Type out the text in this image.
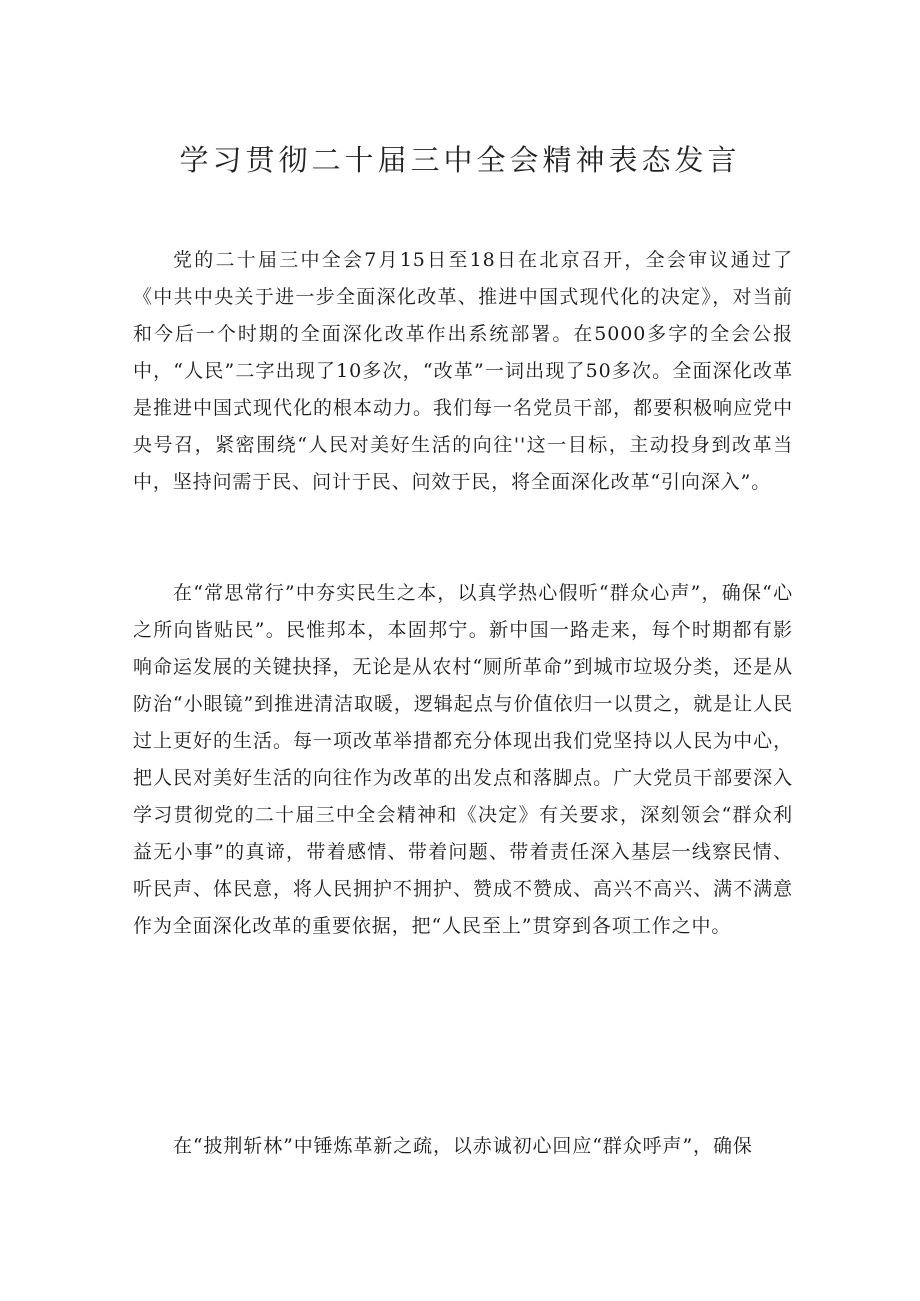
学习贯彻二十届三中全会精神表态发言

党的二十届三中全会7月15日至18日在北京召开，全会审议通过了《中共中央关于进一步全面深化改革、推进中国式现代化的决定》，对当前和今后一个时期的全面深化改革作出系统部署。在5000多字的全会公报中，“人民”二字出现了10多次，“改革”一词出现了50多次。全面深化改革是推进中国式现代化的根本动力。我们每一名党员干部，都要积极响应党中央号召，紧密围绕“人民对美好生活的向往''这一目标，主动投身到改革当中，坚持问需于民、问计于民、问效于民，将全面深化改革“引向深入”。

在“常思常行”中夯实民生之本，以真学热心假听“群众心声”，确保“心之所向皆贴民”。民惟邦本，本固邦宁。新中国一路走来，每个时期都有影响命运发展的关键抉择，无论是从农村“厕所革命”到城市垃圾分类，还是从防治“小眼镜”到推进清洁取暖，逻辑起点与价值依归一以贯之，就是让人民过上更好的生活。每一项改革举措都充分体现出我们党坚持以人民为中心，把人民对美好生活的向往作为改革的出发点和落脚点。广大党员干部要深入学习贯彻党的二十届三中全会精神和《决定》有关要求，深刻领会“群众利益无小事”的真谛，带着感情、带着问题、带着责任深入基层一线察民情、听民声、体民意，将人民拥护不拥护、赞成不赞成、高兴不高兴、满不满意作为全面深化改革的重要依据，把“人民至上”贯穿到各项工作之中。

在“披荆斩林”中锤炼革新之疏，以赤诚初心回应“群众呼声”，确保
